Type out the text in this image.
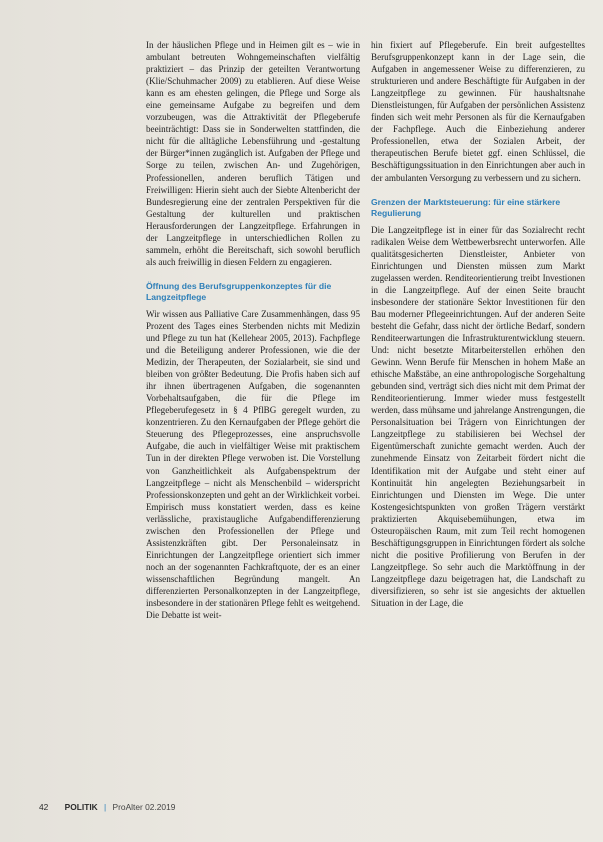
In der häuslichen Pflege und in Heimen gilt es – wie in ambulant betreuten Wohngemeinschaften vielfältig praktiziert – das Prinzip der geteilten Verantwortung (Klie/Schuhmacher 2009) zu etablieren. Auf diese Weise kann es am ehesten gelingen, die Pflege und Sorge als eine gemeinsame Aufgabe zu begreifen und dem vorzubeugen, was die Attraktivität der Pflegeberufe beeinträchtigt: Dass sie in Sonderwelten stattfinden, die nicht für die alltägliche Lebensführung und -gestaltung der Bürger*innen zugänglich ist. Aufgaben der Pflege und Sorge zu teilen, zwischen An- und Zugehörigen, Professionellen, anderen beruflich Tätigen und Freiwilligen: Hierin sieht auch der Siebte Altenbericht der Bundesregierung eine der zentralen Perspektiven für die Gestaltung der kulturellen und praktischen Herausforderungen der Langzeitpflege. Erfahrungen in der Langzeitpflege in unterschiedlichen Rollen zu sammeln, erhöht die Bereitschaft, sich sowohl beruflich als auch freiwillig in diesen Feldern zu engagieren.

Öffnung des Berufsgruppenkonzeptes für die Langzeitpflege

Wir wissen aus Palliative Care Zusammenhängen, dass 95 Prozent des Tages eines Sterbenden nichts mit Medizin und Pflege zu tun hat (Kellehear 2005, 2013). Fachpflege und die Beteiligung anderer Professionen, wie die der Medizin, der Therapeuten, der Sozialarbeit, sie sind und bleiben von größter Bedeutung. Die Profis haben sich auf ihr ihnen übertragenen Aufgaben, die sogenannten Vorbehaltsaufgaben, die für die Pflege im Pflegeberufegesetz in § 4 PflBG geregelt wurden, zu konzentrieren. Zu den Kernaufgaben der Pflege gehört die Steuerung des Pflegeprozesses, eine anspruchsvolle Aufgabe, die auch in vielfältiger Weise mit praktischem Tun in der direkten Pflege verwoben ist. Die Vorstellung von Ganzheitlichkeit als Aufgabenspektrum der Langzeitpflege – nicht als Menschenbild – widerspricht Professionskonzepten und geht an der Wirklichkeit vorbei. Empirisch muss konstatiert werden, dass es keine verlässliche, praxistaugliche Aufgabendifferenzierung zwischen den Professionellen der Pflege und Assistenzkräften gibt. Der Personaleinsatz in Einrichtungen der Langzeitpflege orientiert sich immer noch an der sogenannten Fachkraftquote, der es an einer wissenschaftlichen Begründung mangelt. An differenzierten Personalkonzepten in der Langzeitpflege, insbesondere in der stationären Pflege fehlt es weitgehend. Die Debatte ist weit-

hin fixiert auf Pflegeberufe. Ein breit aufgestelltes Berufsgruppenkonzept kann in der Lage sein, die Aufgaben in angemessener Weise zu differenzieren, zu strukturieren und andere Beschäftigte für Aufgaben in der Langzeitpflege zu gewinnen. Für haushaltsnahe Dienstleistungen, für Aufgaben der persönlichen Assistenz finden sich weit mehr Personen als für die Kernaufgaben der Fachpflege. Auch die Einbeziehung anderer Professionellen, etwa der Sozialen Arbeit, der therapeutischen Berufe bietet ggf. einen Schlüssel, die Beschäftigungssituation in den Einrichtungen aber auch in der ambulanten Versorgung zu verbessern und zu sichern.

Grenzen der Marktsteuerung: für eine stärkere Regulierung

Die Langzeitpflege ist in einer für das Sozialrecht recht radikalen Weise dem Wettbewerbsrecht unterworfen. Alle qualitätsgesicherten Dienstleister, Anbieter von Einrichtungen und Diensten müssen zum Markt zugelassen werden. Renditeorientierung treibt Investionen in die Langzeitpflege. Auf der einen Seite braucht insbesondere der stationäre Sektor Investitionen für den Bau moderner Pflegeeinrichtungen. Auf der anderen Seite besteht die Gefahr, dass nicht der örtliche Bedarf, sondern Renditeerwartungen die Infrastrukturentwicklung steuern. Und: nicht besetzte Mitarbeiterstellen erhöhen den Gewinn. Wenn Berufe für Menschen in hohem Maße an ethische Maßstäbe, an eine anthropologische Sorgehaltung gebunden sind, verträgt sich dies nicht mit dem Primat der Renditeorientierung. Immer wieder muss festgestellt werden, dass mühsame und jahrelange Anstrengungen, die Personalsituation bei Trägern von Einrichtungen der Langzeitpflege zu stabilisieren bei Wechsel der Eigentümerschaft zunichte gemacht werden. Auch der zunehmende Einsatz von Zeitarbeit fördert nicht die Identifikation mit der Aufgabe und steht einer auf Kontinuität hin angelegten Beziehungsarbeit in Einrichtungen und Diensten im Wege. Die unter Kostengesichtspunkten von großen Trägern verstärkt praktizierten Akquisebemühungen, etwa im Osteuropäischen Raum, mit zum Teil recht homogenen Beschäftigungsgruppen in Einrichtungen fördert als solche nicht die positive Profilierung von Berufen in der Langzeitpflege. So sehr auch die Marktöffnung in der Langzeitpflege dazu beigetragen hat, die Landschaft zu diversifizieren, so sehr ist sie angesichts der aktuellen Situation in der Lage, die

42 POLITIK | ProAlter 02.2019
